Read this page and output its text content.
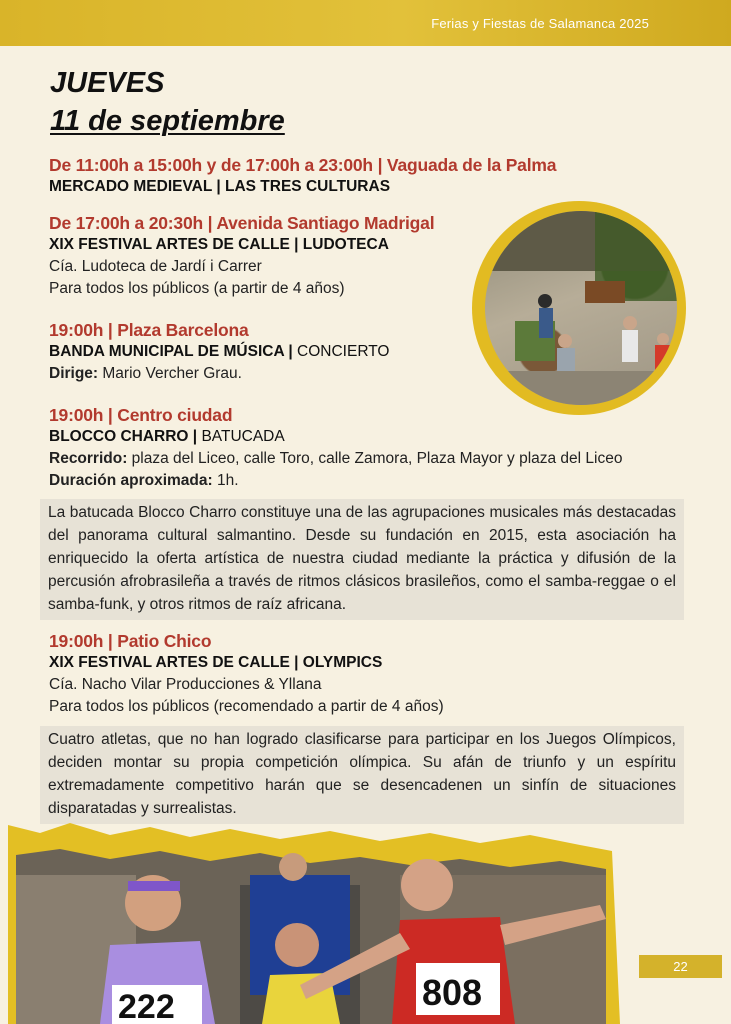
Ferias y Fiestas de Salamanca 2025
JUEVES
11 de septiembre
De 11:00h a 15:00h y de 17:00h a 23:00h | Vaguada de la Palma
MERCADO MEDIEVAL | LAS TRES CULTURAS
De 17:00h a 20:30h | Avenida Santiago Madrigal
XIX FESTIVAL ARTES DE CALLE | LUDOTECA
Cía. Ludoteca de Jardí i Carrer
Para todos los públicos (a partir de 4 años)
19:00h | Plaza Barcelona
BANDA MUNICIPAL DE MÚSICA | CONCIERTO
Dirige: Mario Vercher Grau.
19:00h | Centro ciudad
BLOCCO CHARRO | BATUCADA
Recorrido: plaza del Liceo, calle Toro, calle Zamora, Plaza Mayor y plaza del Liceo
Duración aproximada: 1h.
La batucada Blocco Charro constituye una de las agrupaciones musicales más destacadas del panorama cultural salmantino. Desde su fundación en 2015, esta asociación ha enriquecido la oferta artística de nuestra ciudad mediante la práctica y difusión de la percusión afrobrasileña a través de ritmos clásicos brasileños, como el samba-reggae o el samba-funk, y otros ritmos de raíz africana.
19:00h | Patio Chico
XIX FESTIVAL ARTES DE CALLE | OLYMPICS
Cía. Nacho Vilar Producciones & Yllana
Para todos los públicos (recomendado a partir de 4 años)
Cuatro atletas, que no han logrado clasificarse para participar en los Juegos Olímpicos, deciden montar su propia competición olímpica. Su afán de triunfo y un espíritu extremadamente competitivo harán que se desencadenen un sinfín de situaciones disparatadas y surrealistas.
222	808
22
